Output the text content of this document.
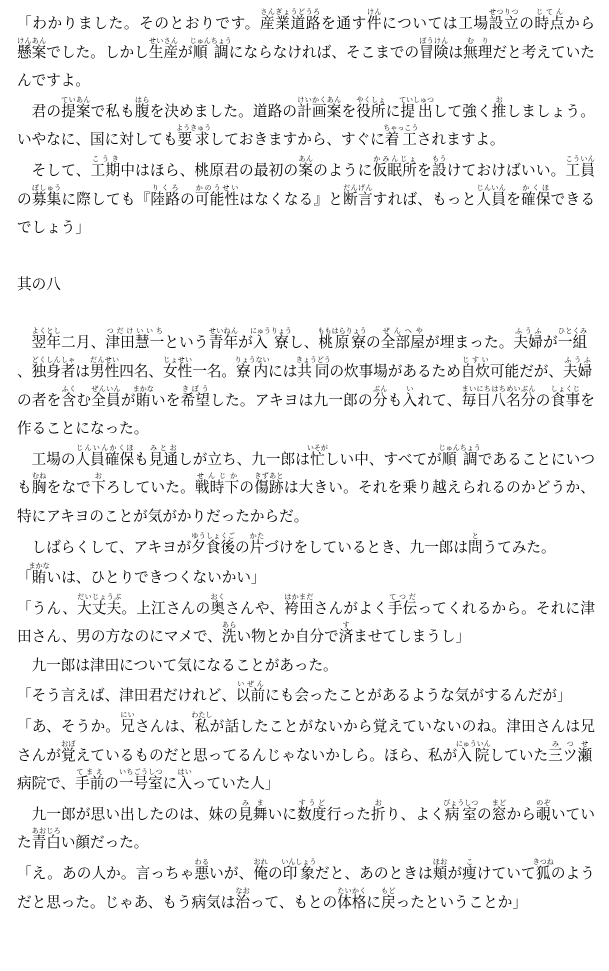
「わかりました。そのとおりです。産業道路さんぎょうどうろを通す件けんについては工場設立せつりつの時点じてんから懸案けんあんでした。しかし生産せいさんが順調じゅんちょうにならなければ、そこまでの冒険ぼうけんは無理むりだと考えていたんですよ。

君の提案ていあんで私も腹はらを決めました。道路の計画案けいかくあんを役所やくしょに提出ていしゅつして強く推おしましょう。いやなに、国に対しても要求ようきゅうしておきますから、すぐに着工ちゃっこうされますよ。

そして、工期こうき中はほら、桃原君の最初の案あんのように仮眠所かみんじょを設もうけておけばいい。工員こういんの募集ぼしゅうに際しても『陸路りくろの可能性かのうせいはなくなる』と断言だんげんすれば、もっと人員じんいんを確保かくほできるでしょう」

其の八

翌年よくとし二月、津田慧一つだけいいちという青年せいねんが入寮にゅうりょうし、桃原寮ももはらりょうの全部屋ぜんへやが埋まった。夫婦ふうふが一組ひとくみ、独身者どくしんしゃは男性だんせい四名、女性じょせい一名。寮内りょうないには共同きょうどうの炊事場があるため自炊じすい可能だが、夫婦ふうふの者を含ふくむ全員ぜんいんが賄まかないを希望きぼうした。アキヨは九一郎の分ぶんも入いれて、毎日まいにち八名分はちめいぶんの食事しょくじを作ることになった。

工場の人員確保じんいんかくほも見通みとおしが立ち、九一郎は忙いそがしい中、すべてが順調じゅんちょうであることにいつも胸むねをなで下おろしていた。戦時下せんじかの傷跡きずあとは大きい。それを乗り越えられるのかどうか、特にアキヨのことが気がかりだったからだ。

しばらくして、アキヨが夕食後ゆうしょくごの片かたづけをしているとき、九一郎は問とうてみた。

「賄まかないは、ひとりできつくないかい」

「うん、大丈夫だいじょうぶ。上江さんの奥おくさんや、袴田はかまださんがよく手伝てつだってくれるから。それに津田さん、男の方なのにマメで、洗あらい物とか自分で済すませてしまうし」

九一郎は津田について気になることがあった。

「そう言えば、津田君だけれど、以前いぜんにも会ったことがあるような気がするんだが」

「あ、そうか。兄にいさんは、私わたしが話したことがないから覚えていないのね。津田さんは兄さんが覚おぼえているものだと思ってるんじゃないかしら。ほら、私が入院にゅういんしていた三ツ瀬みつせ病院で、手前てまえの一号室いちごうしつに入はいっていた人」

九一郎が思い出したのは、妹の見舞みまいに数度すうど行った折おり、よく病室びょうしつの窓まどから覗のぞいていた青白あおじろい顔だった。

「え。あの人か。言っちゃ悪わるいが、俺おれの印象いんしょうだと、あのときは頬ほおが痩こけていて狐きつねのようだと思った。じゃあ、もう病気は治なおって、もとの体格たいかくに戻もどったということか」
